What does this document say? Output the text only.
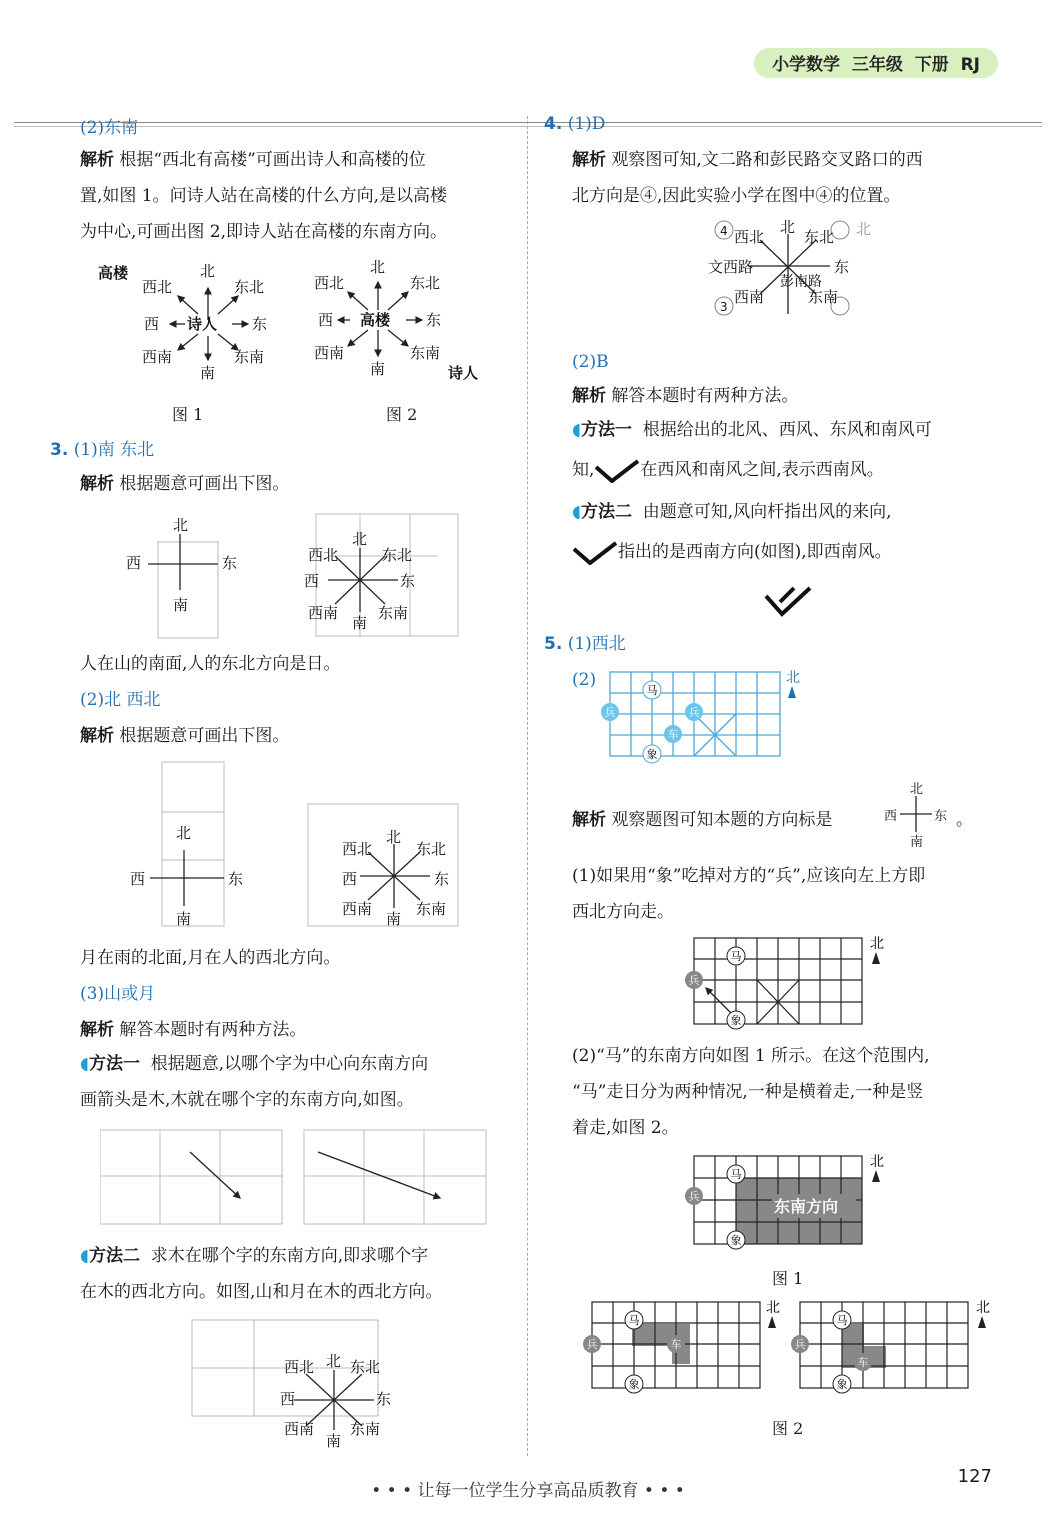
小学数学  三年级  下册  RJ
(2)东南
解析 根据“西北有高楼”可画出诗人和高楼的位
置,如图 1。问诗人站在高楼的什么方向,是以高楼
为中心,可画出图 2,即诗人站在高楼的东南方向。
高楼	北
西北	东北
西 诗人 东
西南	东南
南
北
西北	东北
西 高楼 东
西南	东南
南	诗人
图 1	图 2
3. (1)南 东北
解析 根据题意可画出下图。
北
西	东
南
西北
北
东北
西	东
西南
南
东南
人在山的南面,人的东北方向是日。
(2)北 西北
解析 根据题意可画出下图。
北
西	东
南
西北
北
东北
西	东
西南
南
东南
月在雨的北面,月在人的西北方向。
(3)山或月
解析 解答本题时有两种方法。
◖方法一 根据题意,以哪个字为中心向东南方向
画箭头是木,木就在哪个字的东南方向,如图。
◖方法二 求木在哪个字的东南方向,即求哪个字
在木的西北方向。如图,山和月在木的西北方向。
西北 北 东北
西	东
西南
南
东南
4. (1)D
解析 观察图可知,文二路和彭民路交叉路口的西
北方向是④,因此实验小学在图中④的位置。
4
3
西北
北
东北 北
文西路	东
西南	东南
彭南路
(2)B
解析 解答本题时有两种方法。
◖方法一 根据给出的北风、西风、东风和南风可
知,	在西风和南风之间,表示西南风。
◖方法二 由题意可知,风向杆指出风的来向,
指出的是西南方向(如图),即西南风。
5. (1)西北
(2)
马
兵	兵
车
象
北
解析 观察题图可知本题的方向标是
北
西	东
南
。
(1)如果用“象”吃掉对方的“兵”,应该向左上方即
西北方向走。
马
兵
象
北
(2)“马”的东南方向如图 1 所示。在这个范围内,
“马”走日分为两种情况,一种是横着走,一种是竖
着走,如图 2。
东南方向
马
兵
象
北
图 1
马
兵	车
象
马
兵
车
象
北	北
图 2
• • • 让每一位学生分享高品质教育 • • •
127
